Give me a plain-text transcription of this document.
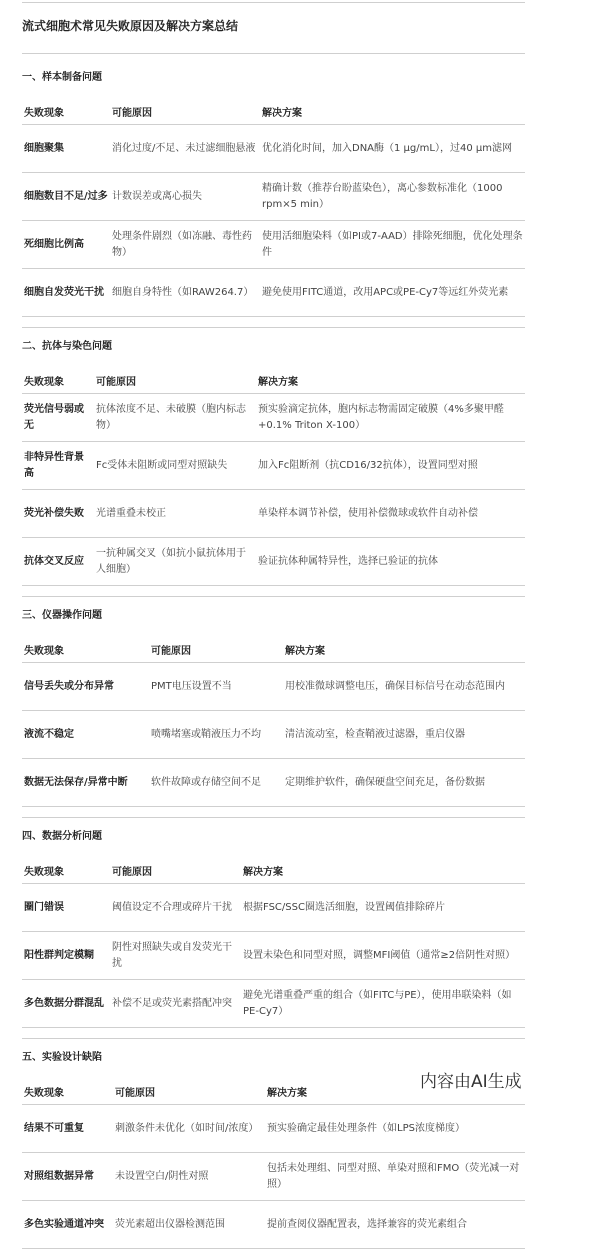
流式细胞术常见失败原因及解决方案总结
一、样本制备问题
失败现象	可能原因	解决方案
细胞聚集	消化过度/不足、未过滤细胞悬液	优化消化时间，加入DNA酶（1 μg/mL），过40 μm滤网
细胞数目不足/过多	计数误差或离心损失	精确计数（推荐台盼蓝染色），离心参数标准化（1000 rpm×5 min）
死细胞比例高	处理条件剧烈（如冻融、毒性药物）	使用活细胞染料（如PI或7-AAD）排除死细胞，优化处理条件
细胞自发荧光干扰	细胞自身特性（如RAW264.7）	避免使用FITC通道，改用APC或PE-Cy7等远红外荧光素
二、抗体与染色问题
失败现象	可能原因	解决方案
荧光信号弱或无	抗体浓度不足、未破膜（胞内标志物）	预实验滴定抗体，胞内标志物需固定破膜（4%多聚甲醛+0.1% Triton X-100）
非特异性背景高	Fc受体未阻断或同型对照缺失	加入Fc阻断剂（抗CD16/32抗体），设置同型对照
荧光补偿失败	光谱重叠未校正	单染样本调节补偿，使用补偿微球或软件自动补偿
抗体交叉反应	一抗种属交叉（如抗小鼠抗体用于人细胞）	验证抗体种属特异性，选择已验证的抗体
三、仪器操作问题
失败现象	可能原因	解决方案
信号丢失或分布异常	PMT电压设置不当	用校准微球调整电压，确保目标信号在动态范围内
液流不稳定	喷嘴堵塞或鞘液压力不均	清洁流动室，检查鞘液过滤器，重启仪器
数据无法保存/异常中断	软件故障或存储空间不足	定期维护软件，确保硬盘空间充足，备份数据
四、数据分析问题
失败现象	可能原因	解决方案
圈门错误	阈值设定不合理或碎片干扰	根据FSC/SSC圈选活细胞，设置阈值排除碎片
阳性群判定模糊	阴性对照缺失或自发荧光干扰	设置未染色和同型对照，调整MFI阈值（通常≥2倍阴性对照）
多色数据分群混乱	补偿不足或荧光素搭配冲突	避免光谱重叠严重的组合（如FITC与PE），使用串联染料（如PE-Cy7）
五、实验设计缺陷
失败现象	可能原因	解决方案
结果不可重复	刺激条件未优化（如时间/浓度）	预实验确定最佳处理条件（如LPS浓度梯度）
对照组数据异常	未设置空白/阴性对照	包括未处理组、同型对照、单染对照和FMO（荧光减一对照）
多色实验通道冲突	荧光素超出仪器检测范围	提前查阅仪器配置表，选择兼容的荧光素组合
内容由AI生成
